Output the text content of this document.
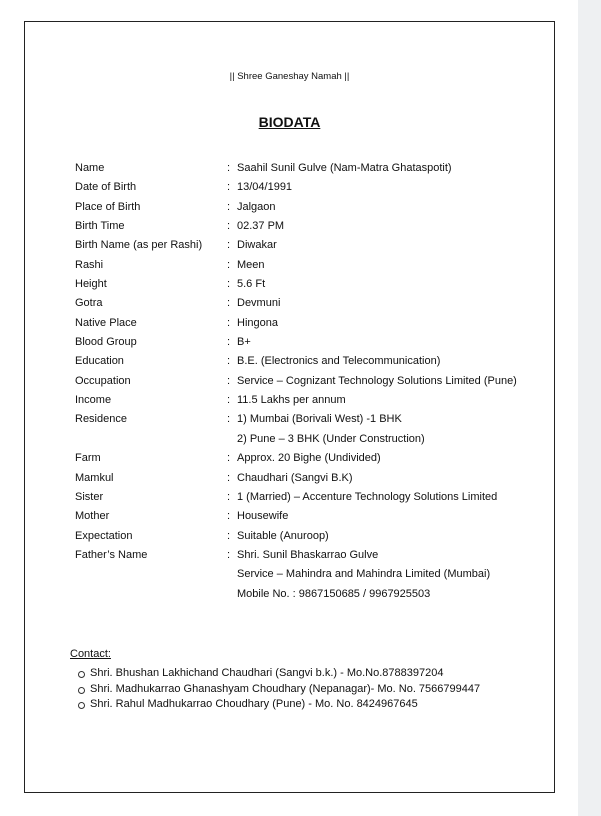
|| Shree Ganeshay Namah ||
BIODATA
Name	: Saahil Sunil Gulve (Nam-Matra Ghataspotit)
Date of Birth	: 13/04/1991
Place of Birth	: Jalgaon
Birth Time	: 02.37 PM
Birth Name (as per Rashi) : Diwakar
Rashi	: Meen
Height	: 5.6 Ft
Gotra	: Devmuni
Native Place	: Hingona
Blood Group	: B+
Education	: B.E. (Electronics and Telecommunication)
Occupation	: Service – Cognizant Technology Solutions Limited (Pune)
Income	: 11.5 Lakhs per annum
Residence	: 1) Mumbai (Borivali West) -1 BHK
2) Pune – 3 BHK (Under Construction)
Farm	: Approx. 20 Bighe (Undivided)
Mamkul	: Chaudhari (Sangvi B.K)
Sister	: 1 (Married) – Accenture Technology Solutions Limited
Mother	: Housewife
Expectation	: Suitable (Anuroop)
Father’s Name	: Shri. Sunil Bhaskarrao Gulve
Service – Mahindra and Mahindra Limited (Mumbai)
Mobile No. : 9867150685 / 9967925503
Contact:
Shri. Bhushan Lakhichand Chaudhari (Sangvi b.k.) - Mo.No.8788397204
Shri. Madhukarrao Ghanashyam Choudhary (Nepanagar)- Mo. No. 7566799447
Shri. Rahul Madhukarrao Choudhary (Pune) - Mo. No. 8424967645
